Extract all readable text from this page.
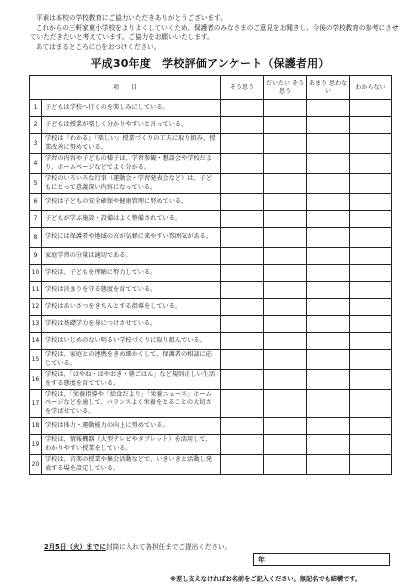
平素は本校の学校教育にご協力いただきありがとうございます。

これからの三軒家東小学校をよりよくしていくため、保護者のみなさまのご意見をお聞きし、今後の学校教育の参考にさせていただきたいと考えています。ご協力をお願いいたします。

あてはまるところに○をおつけください。

平成30年度　学校評価アンケート（保護者用）
項　　目		そう思う	だいたい そう思う	あまり 思わない	わからない
1	子どもは学校へ行くのを楽しみにしている。				
2	子どもは授業が楽しく分かりやすいと言っている。				
3	学校は『わかる』『楽しい』授業づくりの工夫に取り組み、授業改善に努めている。				
4	学習の内容や子どもの様子は、学習参観・懇談会や学校だより、ホームページなどでよく分かる。				
5	学校のいろいろな行事（運動会・学習発表会など）は、子どもにとって意義深い内容になっている。				
6	学校は子どもの安全確保や健康管理に努めている。				
7	子どもが学ぶ施設・設備はよく整備されている。				
8	学校には保護者や地域の方が気軽に来やすい雰囲気がある。				
9	家庭学習の分量は適切である。				
10	学校は、子どもを理解に努力している。				
11	学校は決まりを守る態度を育てている。				
12	学校はあいさつをきちんとする指導をしている。				
13	学校は基礎学力を身につけさせている。				
14	学校はいじめのない明るい学校づくりに取り組んでいる。				
15	学校は、家庭との連携をきめ細かくして、保護者の相談に応じている。				
16	学校は、「はやね・はやおき・朝ごはん」など規則正しい生活をする態度を育てている。				
17	学校は、「栄養指導や「給食だより」「栄養ニュース」ホームページなどを通して、バランスよく栄養をとることの大切さを学ばせている。				
18	学校は体力・運動能力の向上に努めている。				
19	学校は、情報機器（大型テレビやタブレット）を活用して、わかりやすい授業をしている。				
20	学校は、音楽の授業や集会活動などで、いきいきと活動し発表する場を設定している。				
2月5日（火）までに封筒に入れて各担任までご提出ください。
年
※差し支えなければお名前をご記入ください。無記名でも結構です。
